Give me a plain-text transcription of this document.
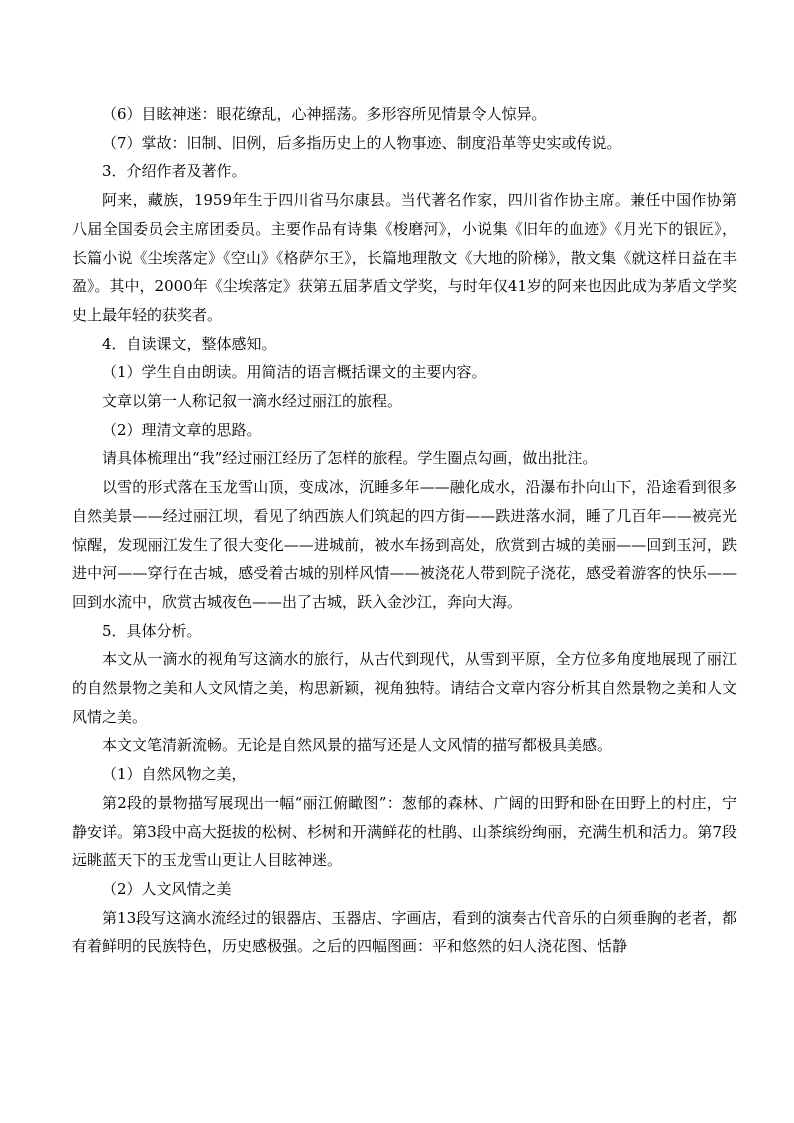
（6）目眩神迷：眼花缭乱，心神摇荡。多形容所见情景令人惊异。

（7）掌故：旧制、旧例，后多指历史上的人物事迹、制度沿革等史实或传说。

3．介绍作者及著作。

阿来，藏族，1959年生于四川省马尔康县。当代著名作家，四川省作协主席。兼任中国作协第八届全国委员会主席团委员。主要作品有诗集《梭磨河》，小说集《旧年的血迹》《月光下的银匠》，长篇小说《尘埃落定》《空山》《格萨尔王》，长篇地理散文《大地的阶梯》，散文集《就这样日益在丰盈》。其中，2000年《尘埃落定》获第五届茅盾文学奖，与时年仅41岁的阿来也因此成为茅盾文学奖史上最年轻的获奖者。

4．自读课文，整体感知。

（1）学生自由朗读。用简洁的语言概括课文的主要内容。

文章以第一人称记叙一滴水经过丽江的旅程。

（2）理清文章的思路。

请具体梳理出“我”经过丽江经历了怎样的旅程。学生圈点勾画，做出批注。

以雪的形式落在玉龙雪山顶，变成冰，沉睡多年——融化成水，沿瀑布扑向山下，沿途看到很多自然美景——经过丽江坝，看见了纳西族人们筑起的四方街——跌进落水洞，睡了几百年——被亮光惊醒，发现丽江发生了很大变化——进城前，被水车扬到高处，欣赏到古城的美丽——回到玉河，跌进中河——穿行在古城，感受着古城的别样风情——被浇花人带到院子浇花，感受着游客的快乐——回到水流中，欣赏古城夜色——出了古城，跃入金沙江，奔向大海。

5．具体分析。

本文从一滴水的视角写这滴水的旅行，从古代到现代，从雪到平原，全方位多角度地展现了丽江的自然景物之美和人文风情之美，构思新颖，视角独特。请结合文章内容分析其自然景物之美和人文风情之美。

本文文笔清新流畅。无论是自然风景的描写还是人文风情的描写都极具美感。

（1）自然风物之美，

第2段的景物描写展现出一幅“丽江俯瞰图”：葱郁的森林、广阔的田野和卧在田野上的村庄，宁静安详。第3段中高大挺拔的松树、杉树和开满鲜花的杜鹃、山茶缤纷绚丽，充满生机和活力。第7段远眺蓝天下的玉龙雪山更让人目眩神迷。

（2）人文风情之美

第13段写这滴水流经过的银器店、玉器店、字画店，看到的演奏古代音乐的白须垂胸的老者，都有着鲜明的民族特色，历史感极强。之后的四幅图画：平和悠然的妇人浇花图、恬静
